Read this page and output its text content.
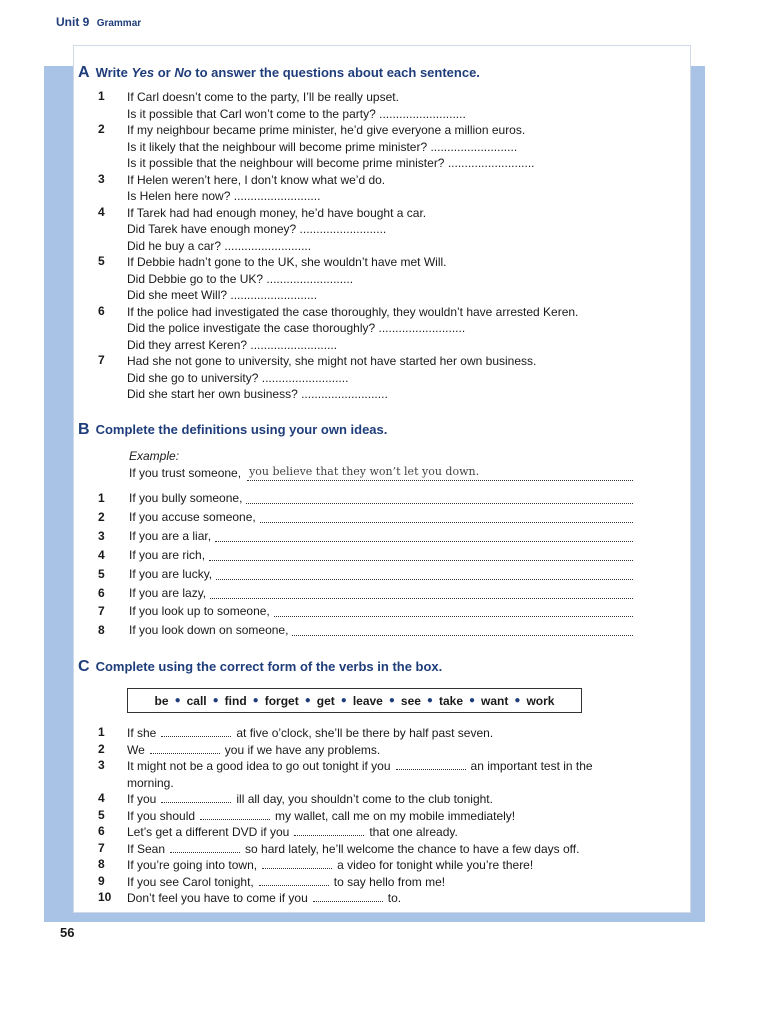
Unit 9 Grammar
A Write Yes or No to answer the questions about each sentence.
1	If Carl doesn’t come to the party, I’ll be really upset.
Is it possible that Carl won’t come to the party? ..........................
2	If my neighbour became prime minister, he’d give everyone a million euros.
Is it likely that the neighbour will become prime minister? ..........................
Is it possible that the neighbour will become prime minister? ..........................
3	If Helen weren’t here, I don’t know what we’d do.
Is Helen here now? ..........................
4	If Tarek had had enough money, he’d have bought a car.
Did Tarek have enough money? ..........................
Did he buy a car? ..........................
5	If Debbie hadn’t gone to the UK, she wouldn’t have met Will.
Did Debbie go to the UK? ..........................
Did she meet Will? ..........................
6	If the police had investigated the case thoroughly, they wouldn’t have arrested Keren.
Did the police investigate the case thoroughly? ..........................
Did they arrest Keren? ..........................
7	Had she not gone to university, she might not have started her own business.
Did she go to university? ..........................
Did she start her own business? ..........................
B Complete the definitions using your own ideas.
Example:
If you trust someone, you believe that they won’t let you down.
1	If you bully someone,
2	If you accuse someone,
3	If you are a liar,
4	If you are rich,
5	If you are lucky,
6	If you are lazy,
7	If you look up to someone,
8	If you look down on someone,
C Complete using the correct form of the verbs in the box.
be ● call ● find ● forget ● get ● leave ● see ● take ● want ● work
1	If she	at five o’clock, she’ll be there by half past seven.
2	We	you if we have any problems.
3	It might not be a good idea to go out tonight if you	an important test in the
morning.
4	If you	ill all day, you shouldn’t come to the club tonight.
5	If you should	my wallet, call me on my mobile immediately!
6	Let’s get a different DVD if you	that one already.
7	If Sean	so hard lately, he’ll welcome the chance to have a few days off.
8	If you’re going into town,	a video for tonight while you’re there!
9	If you see Carol tonight,	to say hello from me!
10 Don’t feel you have to come if you	to.
56
